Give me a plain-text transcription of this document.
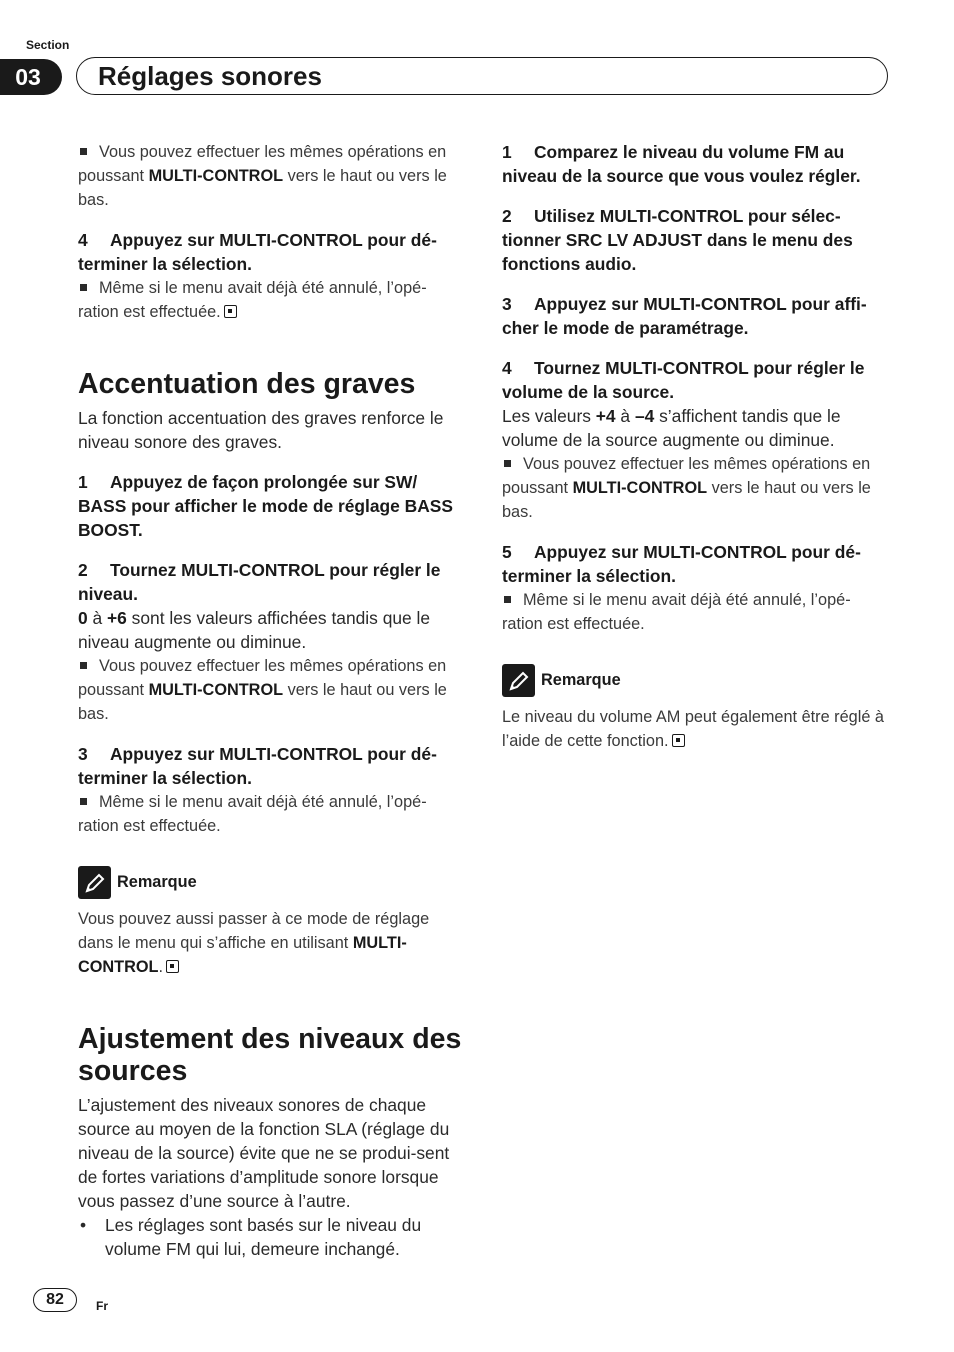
Section
03	Réglages sonores

Vous pouvez effectuer les mêmes opérations en poussant MULTI-CONTROL vers le haut ou vers le bas.

4 Appuyez sur MULTI-CONTROL pour dé-terminer la sélection.

Même si le menu avait déjà été annulé, l’opé-ration est effectuée.

Accentuation des graves

La fonction accentuation des graves renforce le niveau sonore des graves.

1 Appuyez de façon prolongée sur SW/ BASS pour afficher le mode de réglage BASS BOOST.

2 Tournez MULTI-CONTROL pour régler le niveau.

0 à +6 sont les valeurs affichées tandis que le niveau augmente ou diminue.

Vous pouvez effectuer les mêmes opérations en poussant MULTI-CONTROL vers le haut ou vers le bas.

3 Appuyez sur MULTI-CONTROL pour dé-terminer la sélection.

Même si le menu avait déjà été annulé, l’opé-ration est effectuée.

Remarque

Vous pouvez aussi passer à ce mode de réglage dans le menu qui s’affiche en utilisant MULTI-CONTROL.

Ajustement des niveaux des sources

L’ajustement des niveaux sonores de chaque source au moyen de la fonction SLA (réglage du niveau de la source) évite que ne se produi-sent de fortes variations d’amplitude sonore lorsque vous passez d’une source à l’autre.

•	Les réglages sont basés sur le niveau du volume FM qui lui, demeure inchangé.

1 Comparez le niveau du volume FM au niveau de la source que vous voulez régler.

2 Utilisez MULTI-CONTROL pour sélec-tionner SRC LV ADJUST dans le menu des fonctions audio.

3 Appuyez sur MULTI-CONTROL pour affi-cher le mode de paramétrage.

4 Tournez MULTI-CONTROL pour régler le volume de la source.

Les valeurs +4 à –4 s’affichent tandis que le volume de la source augmente ou diminue.

Vous pouvez effectuer les mêmes opérations en poussant MULTI-CONTROL vers le haut ou vers le bas.

5 Appuyez sur MULTI-CONTROL pour dé-terminer la sélection.

Même si le menu avait déjà été annulé, l’opé-ration est effectuée.

Remarque

Le niveau du volume AM peut également être réglé à l’aide de cette fonction.

82	Fr
